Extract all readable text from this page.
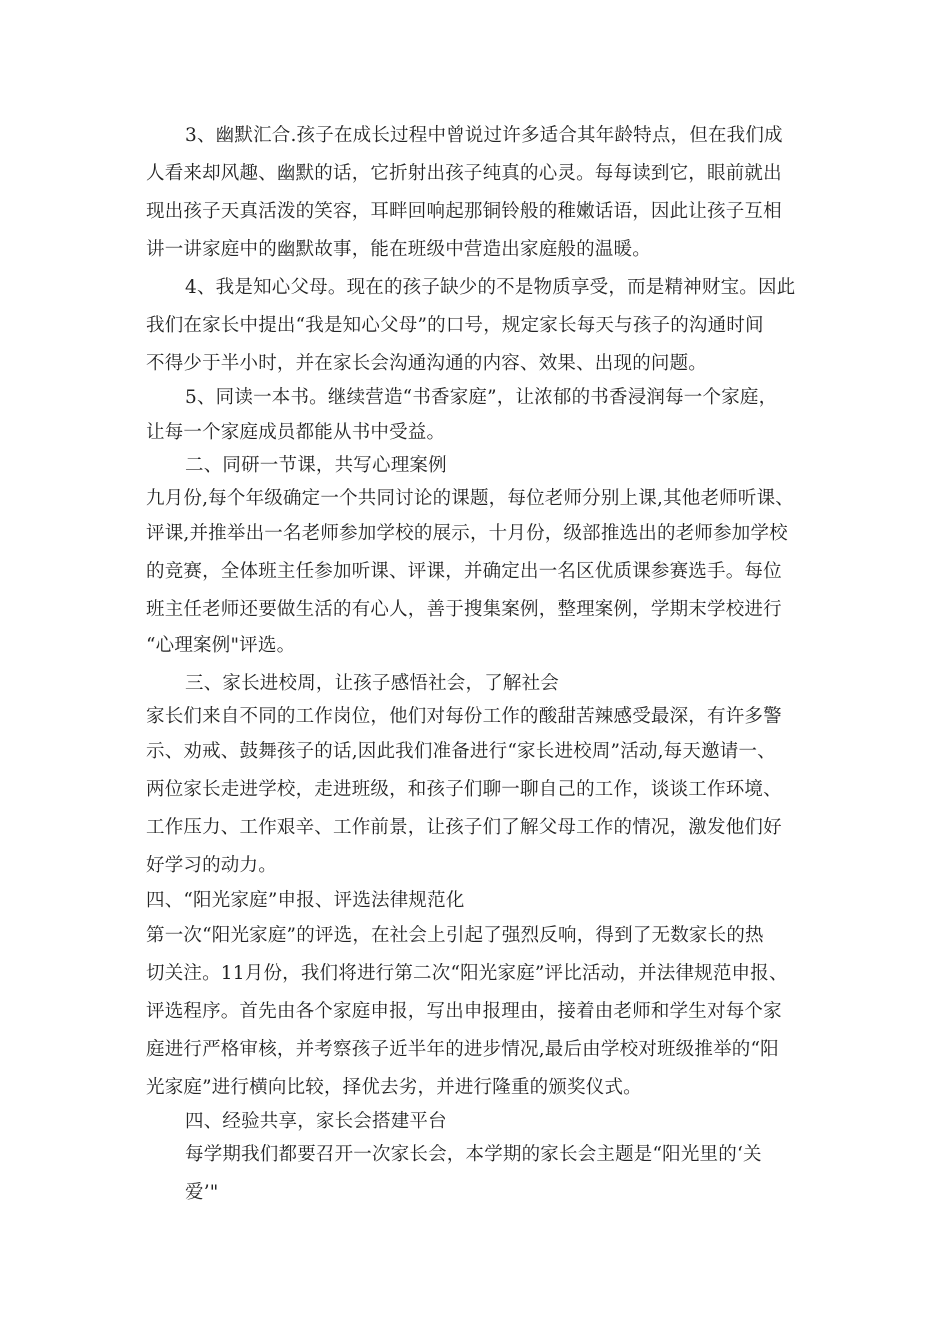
3、幽默汇合.孩子在成长过程中曾说过许多适合其年龄特点，但在我们成
人看来却风趣、幽默的话，它折射出孩子纯真的心灵。每每读到它，眼前就出
现出孩子天真活泼的笑容，耳畔回响起那铜铃般的稚嫩话语，因此让孩子互相
讲一讲家庭中的幽默故事，能在班级中营造出家庭般的温暖。
4、我是知心父母。现在的孩子缺少的不是物质享受，而是精神财宝。因此
我们在家长中提出“我是知心父母”的口号，规定家长每天与孩子的沟通时间
不得少于半小时，并在家长会沟通沟通的内容、效果、出现的问题。
5、同读一本书。继续营造“书香家庭”，让浓郁的书香浸润每一个家庭，
让每一个家庭成员都能从书中受益。
二、同研一节课，共写心理案例
九月份,每个年级确定一个共同讨论的课题，每位老师分别上课,其他老师听课、
评课,并推举出一名老师参加学校的展示，十月份，级部推选出的老师参加学校
的竞赛，全体班主任参加听课、评课，并确定出一名区优质课参赛选手。每位
班主任老师还要做生活的有心人，善于搜集案例，整理案例，学期末学校进行
“心理案例"评选。
三、家长进校周，让孩子感悟社会，了解社会
家长们来自不同的工作岗位，他们对每份工作的酸甜苦辣感受最深，有许多警
示、劝戒、鼓舞孩子的话,因此我们准备进行“家长进校周”活动,每天邀请一、
两位家长走进学校，走进班级，和孩子们聊一聊自己的工作，谈谈工作环境、
工作压力、工作艰辛、工作前景，让孩子们了解父母工作的情况，激发他们好
好学习的动力。
四、“阳光家庭”申报、评选法律规范化
第一次“阳光家庭”的评选，在社会上引起了强烈反响，得到了无数家长的热
切关注。11月份，我们将进行第二次“阳光家庭”评比活动，并法律规范申报、
评选程序。首先由各个家庭申报，写出申报理由，接着由老师和学生对每个家
庭进行严格审核，并考察孩子近半年的进步情况,最后由学校对班级推举的“阳
光家庭”进行横向比较，择优去劣，并进行隆重的颁奖仪式。
四、经验共享，家长会搭建平台
每学期我们都要召开一次家长会，本学期的家长会主题是“阳光里的‘关
爱’"
